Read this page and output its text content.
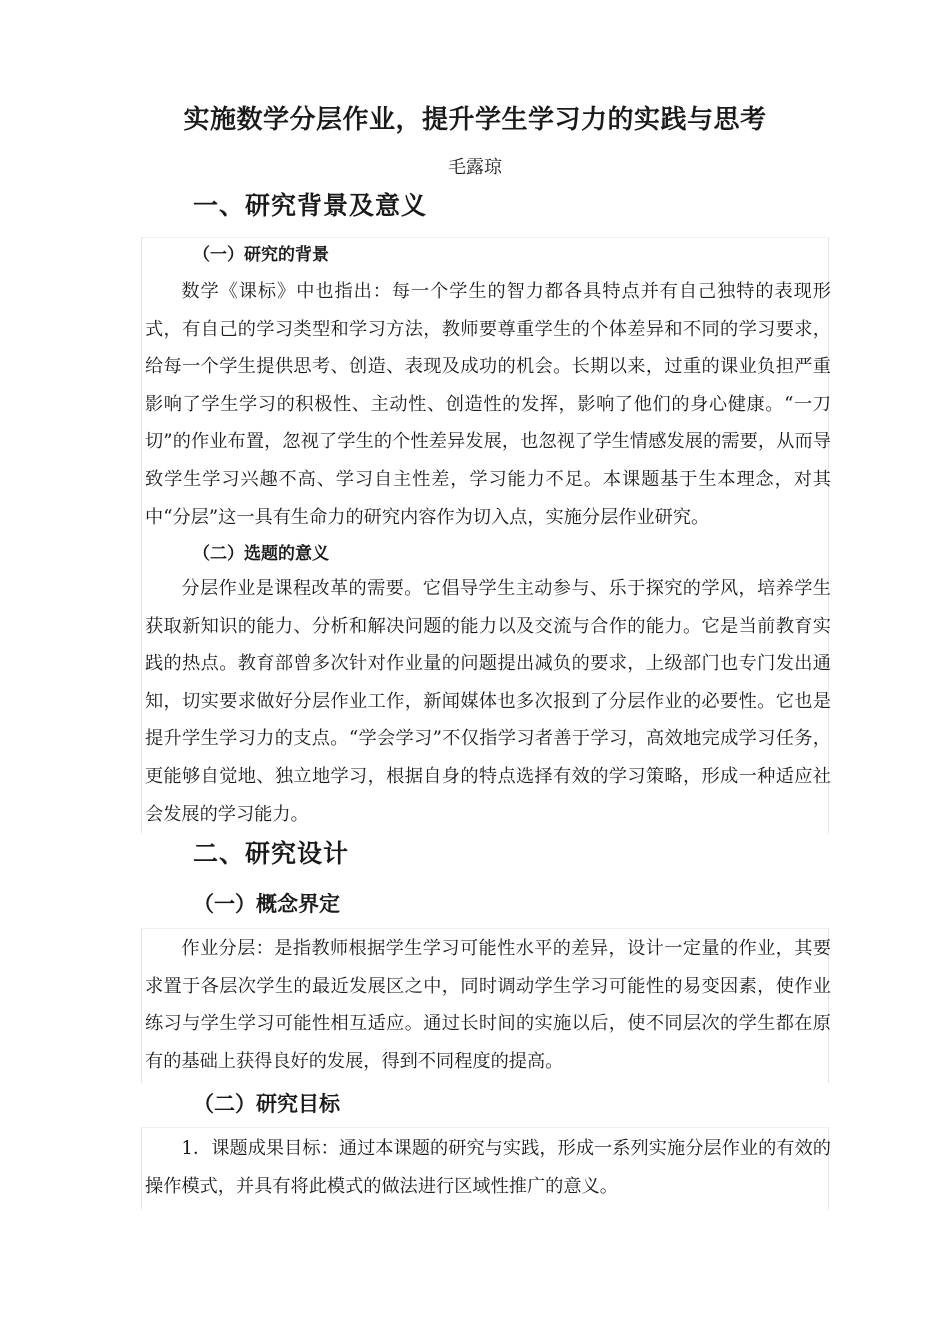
实施数学分层作业，提升学生学习力的实践与思考
毛露琼
一、研究背景及意义
（一）研究的背景

数学《课标》中也指出：每一个学生的智力都各具特点并有自己独特的表现形式，有自己的学习类型和学习方法，教师要尊重学生的个体差异和不同的学习要求，给每一个学生提供思考、创造、表现及成功的机会。长期以来，过重的课业负担严重影响了学生学习的积极性、主动性、创造性的发挥，影响了他们的身心健康。“一刀切”的作业布置，忽视了学生的个性差异发展，也忽视了学生情感发展的需要，从而导致学生学习兴趣不高、学习自主性差，学习能力不足。本课题基于生本理念，对其中“分层”这一具有生命力的研究内容作为切入点，实施分层作业研究。

（二）选题的意义

分层作业是课程改革的需要。它倡导学生主动参与、乐于探究的学风，培养学生获取新知识的能力、分析和解决问题的能力以及交流与合作的能力。它是当前教育实践的热点。教育部曾多次针对作业量的问题提出减负的要求，上级部门也专门发出通知，切实要求做好分层作业工作，新闻媒体也多次报到了分层作业的必要性。它也是提升学生学习力的支点。“学会学习”不仅指学习者善于学习，高效地完成学习任务，更能够自觉地、独立地学习，根据自身的特点选择有效的学习策略，形成一种适应社会发展的学习能力。

二、研究设计
（一）概念界定

作业分层：是指教师根据学生学习可能性水平的差异，设计一定量的作业，其要求置于各层次学生的最近发展区之中，同时调动学生学习可能性的易变因素，使作业练习与学生学习可能性相互适应。通过长时间的实施以后，使不同层次的学生都在原有的基础上获得良好的发展，得到不同程度的提高。

（二）研究目标

1．课题成果目标：通过本课题的研究与实践，形成一系列实施分层作业的有效的操作模式，并具有将此模式的做法进行区域性推广的意义。
